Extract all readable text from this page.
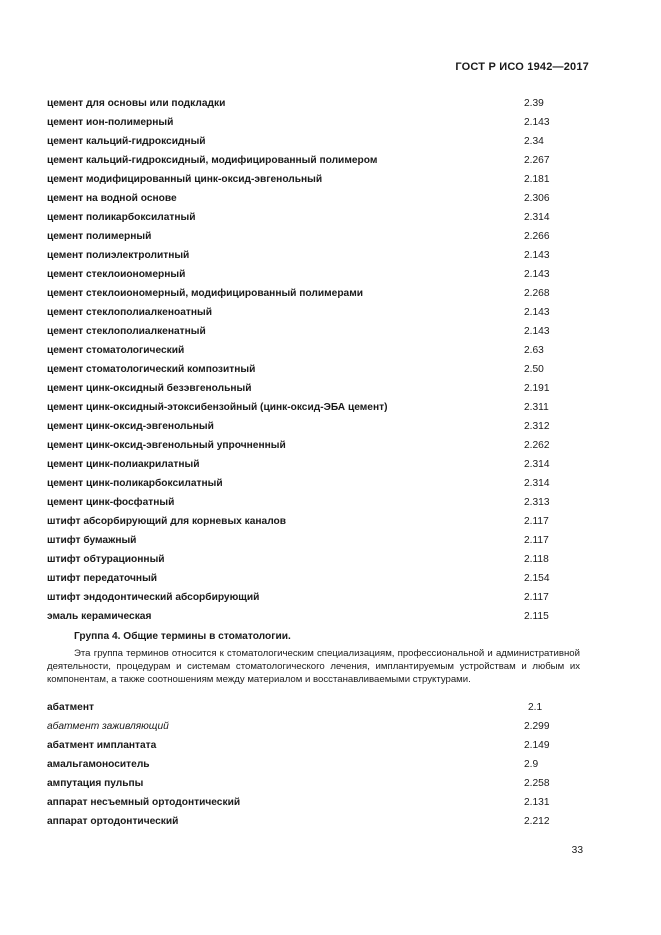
ГОСТ Р ИСО 1942—2017
цемент для основы или подкладки	2.39
цемент ион-полимерный	2.143
цемент кальций-гидроксидный	2.34
цемент кальций-гидроксидный, модифицированный полимером	2.267
цемент модифицированный цинк-оксид-эвгенольный	2.181
цемент на водной основе	2.306
цемент поликарбоксилатный	2.314
цемент полимерный	2.266
цемент полиэлектролитный	2.143
цемент стеклоиономерный	2.143
цемент стеклоиономерный, модифицированный полимерами	2.268
цемент стеклополиалкеноатный	2.143
цемент стеклополиалкенатный	2.143
цемент стоматологический	2.63
цемент стоматологический композитный	2.50
цемент цинк-оксидный безэвгенольный	2.191
цемент цинк-оксидный-этоксибензойный (цинк-оксид-ЭБА цемент)	2.311
цемент цинк-оксид-эвгенольный	2.312
цемент цинк-оксид-эвгенольный упрочненный	2.262
цемент цинк-полиакрилатный	2.314
цемент цинк-поликарбоксилатный	2.314
цемент цинк-фосфатный	2.313
штифт абсорбирующий для корневых каналов	2.117
штифт бумажный	2.117
штифт обтурационный	2.118
штифт передаточный	2.154
штифт эндодонтический абсорбирующий	2.117
эмаль керамическая	2.115
Группа 4. Общие термины в стоматологии.
Эта группа терминов относится к стоматологическим специализациям, профессиональной и административной деятельности, процедурам и системам стоматологического лечения, имплантируемым устройствам и любым их компонентам, а также соотношениям между материалом и восстанавливаемыми структурами.
абатмент	2.1
абатмент заживляющий	2.299
абатмент имплантата	2.149
амальгамоноситель	2.9
ампутация пульпы	2.258
аппарат несъемный ортодонтический	2.131
аппарат ортодонтический	2.212
33
